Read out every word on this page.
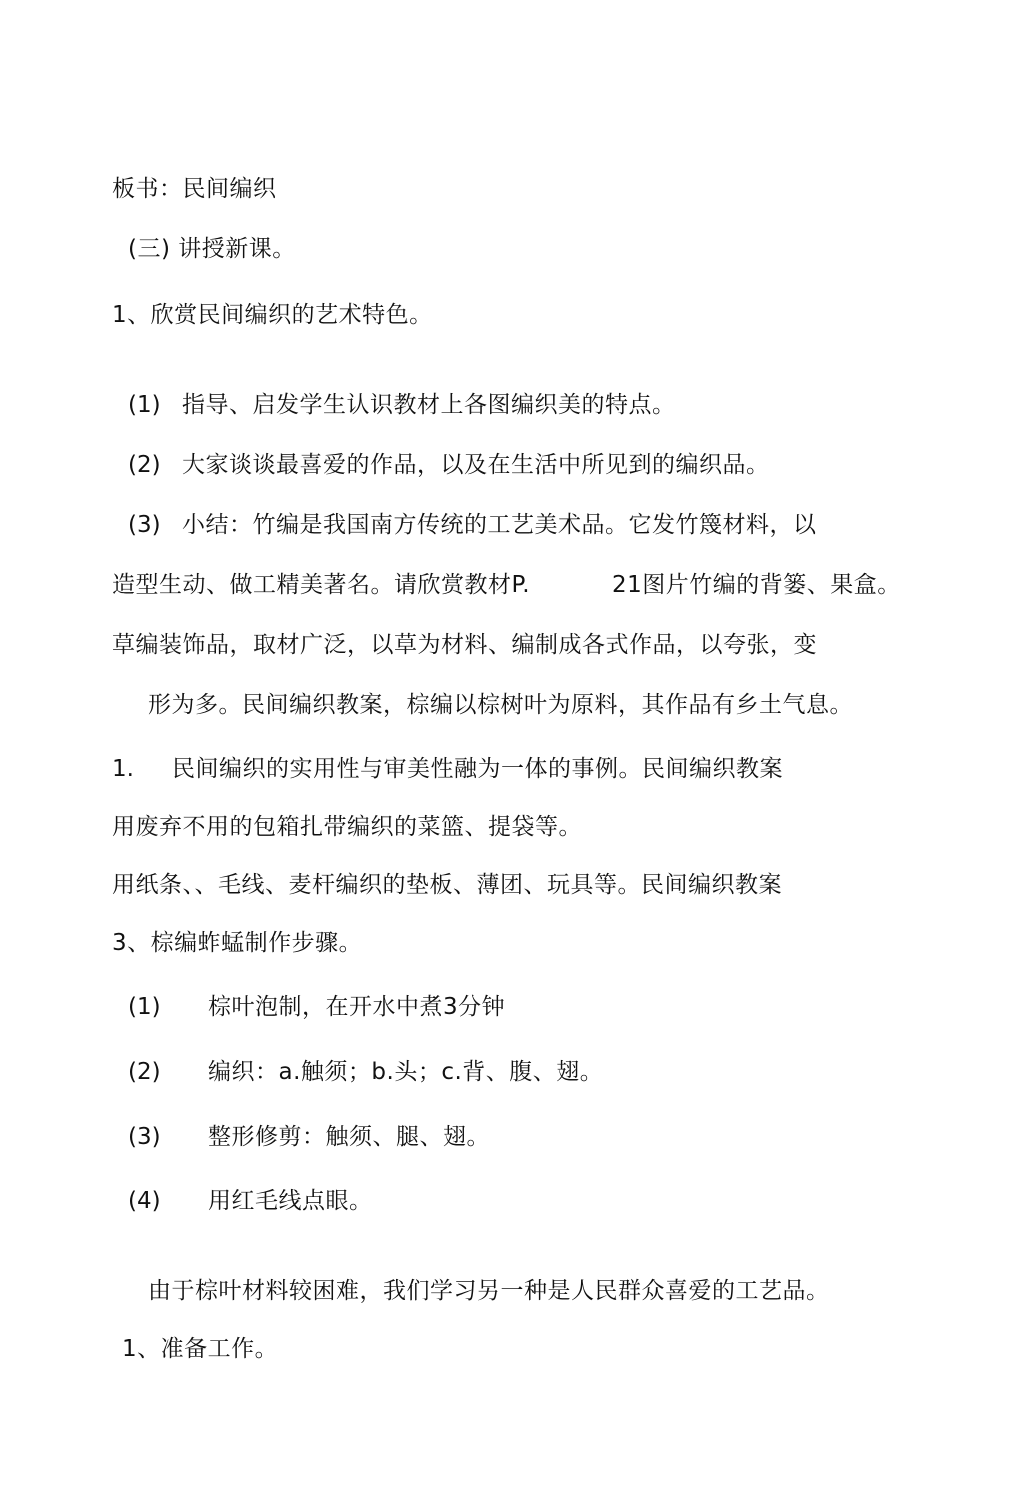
板书：民间编织
(三) 讲授新课。
1、欣赏民间编织的艺术特色。
(1) 指导、启发学生认识教材上各图编织美的特点。
(2) 大家谈谈最喜爱的作品，以及在生活中所见到的编织品。
(3) 小结：竹编是我国南方传统的工艺美术品。它发竹篾材料，以
造型生动、做工精美著名。请欣赏教材P.	21图片竹编的背篓、果盒。
草编装饰品，取材广泛，以草为材料、编制成各式作品，以夸张，变
形为多。民间编织教案，棕编以棕树叶为原料，其作品有乡土气息。
1. 民间编织的实用性与审美性融为一体的事例。民间编织教案
用废弃不用的包箱扎带编织的菜篮、提袋等。
用纸条、、毛线、麦杆编织的垫板、薄团、玩具等。民间编织教案
3、棕编蚱蜢制作步骤。
(1) 棕叶泡制，在开水中煮3分钟
(2) 编织：a.触须；b.头；c.背、腹、翅。
(3) 整形修剪：触须、腿、翅。
(4) 用红毛线点眼。
由于棕叶材料较困难，我们学习另一种是人民群众喜爱的工艺品。
1、准备工作。
